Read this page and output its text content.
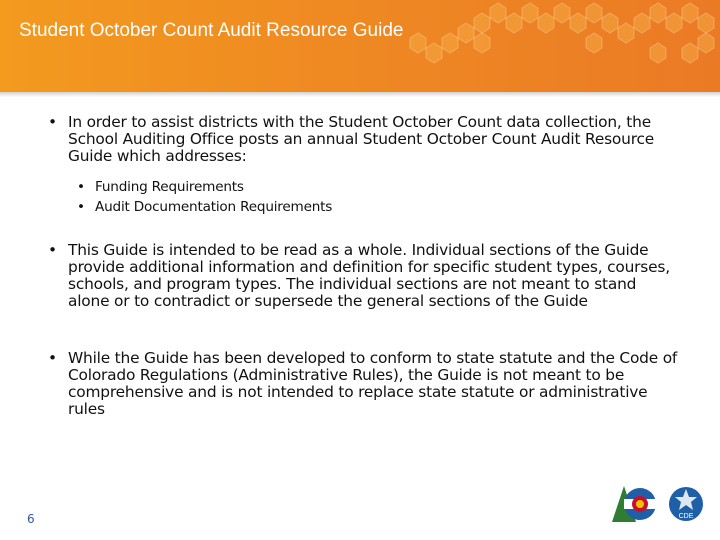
Student October Count Audit Resource Guide
• In order to assist districts with the Student October Count data collection, the School Auditing Office posts an annual Student October Count Audit Resource Guide which addresses:
• Funding Requirements
• Audit Documentation Requirements
• This Guide is intended to be read as a whole. Individual sections of the Guide provide additional information and definition for specific student types, courses, schools, and program types. The individual sections are not meant to stand alone or to contradict or supersede the general sections of the Guide
• While the Guide has been developed to conform to state statute and the Code of Colorado Regulations (Administrative Rules), the Guide is not meant to be comprehensive and is not intended to replace state statute or administrative rules
6	CDE
